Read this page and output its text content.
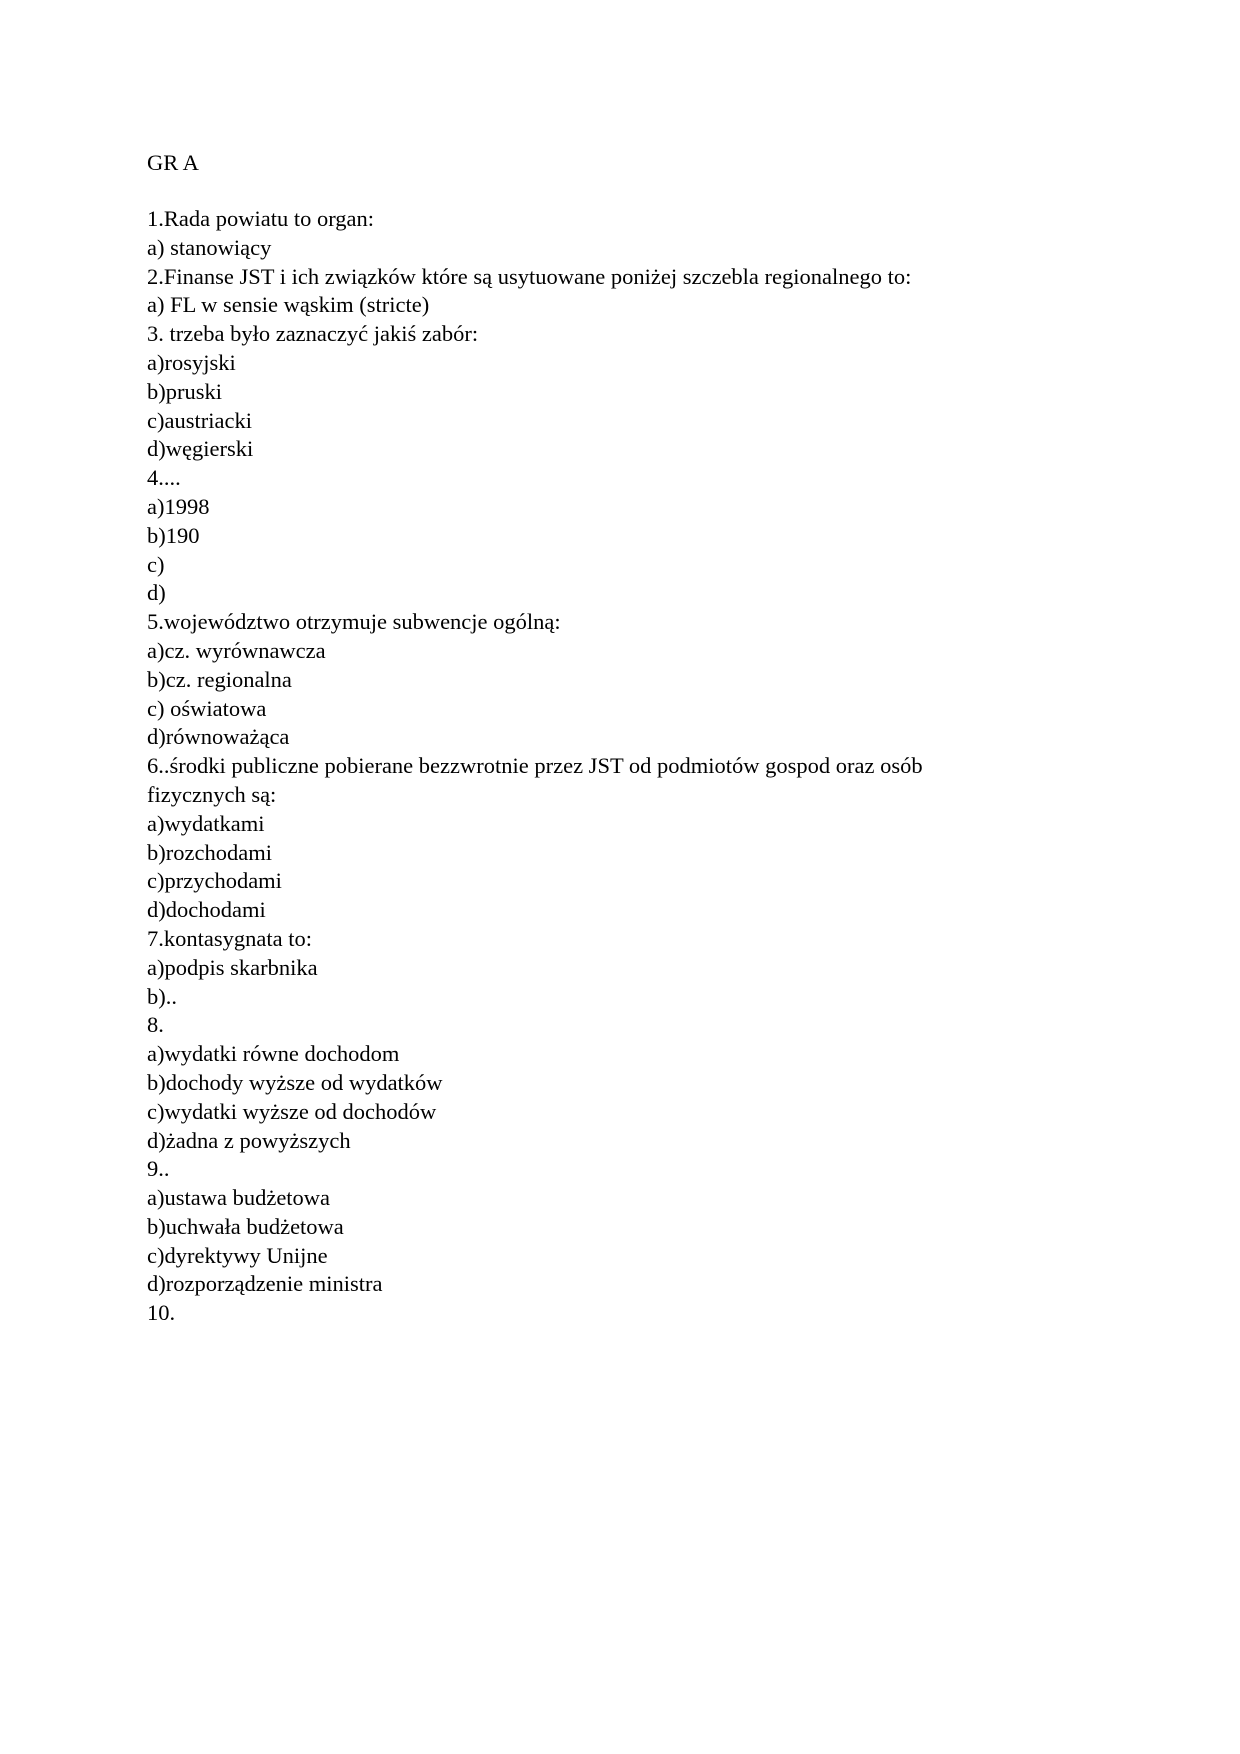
GR A
1.Rada powiatu to organ:
a) stanowiący
2.Finanse JST i ich związków które są usytuowane poniżej szczebla regionalnego to:
a) FL w sensie wąskim (stricte)
3. trzeba było zaznaczyć jakiś zabór:
a)rosyjski
b)pruski
c)austriacki
d)węgierski
4....
a)1998
b)190
c)
d)
5.województwo otrzymuje subwencje ogólną:
a)cz. wyrównawcza
b)cz. regionalna
c) oświatowa
d)równoważąca
6..środki publiczne pobierane bezzwrotnie przez JST od podmiotów gospod oraz osób
fizycznych są:
a)wydatkami
b)rozchodami
c)przychodami
d)dochodami
7.kontasygnata to:
a)podpis skarbnika
b)..
8.
a)wydatki równe dochodom
b)dochody wyższe od wydatków
c)wydatki wyższe od dochodów
d)żadna z powyższych
9..
a)ustawa budżetowa
b)uchwała budżetowa
c)dyrektywy Unijne
d)rozporządzenie ministra
10.
